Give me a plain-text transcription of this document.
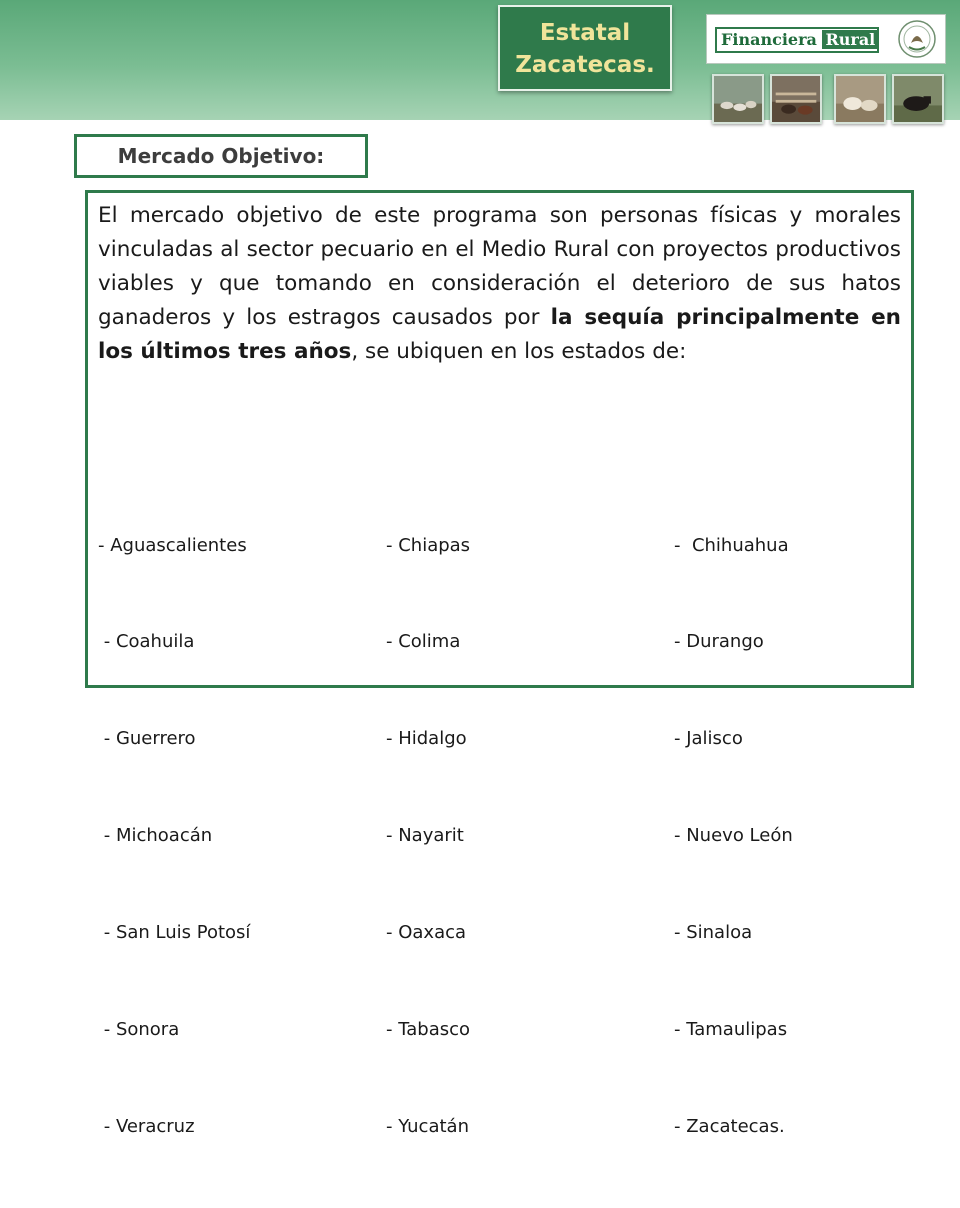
Estatal
Zacatecas.
Financiera Rural
Mercado Objetivo:

El mercado objetivo de este programa son personas físicas y morales vinculadas al sector pecuario en el Medio Rural con proyectos productivos viables y que tomando en consideración el deterioro de sus hatos ganaderos y los estragos causados por la sequía principalmente en los últimos tres años, se ubiquen en los estados de:

- Aguascalientes

- Coahuila

- Guerrero

- Michoacán

- San Luis Potosí

- Sonora

- Veracruz

- Chiapas

- Colima

- Hidalgo

- Nayarit

- Oaxaca

- Tabasco

- Yucatán

-  Chihuahua

- Durango

- Jalisco

- Nuevo León

- Sinaloa

- Tamaulipas

- Zacatecas.
